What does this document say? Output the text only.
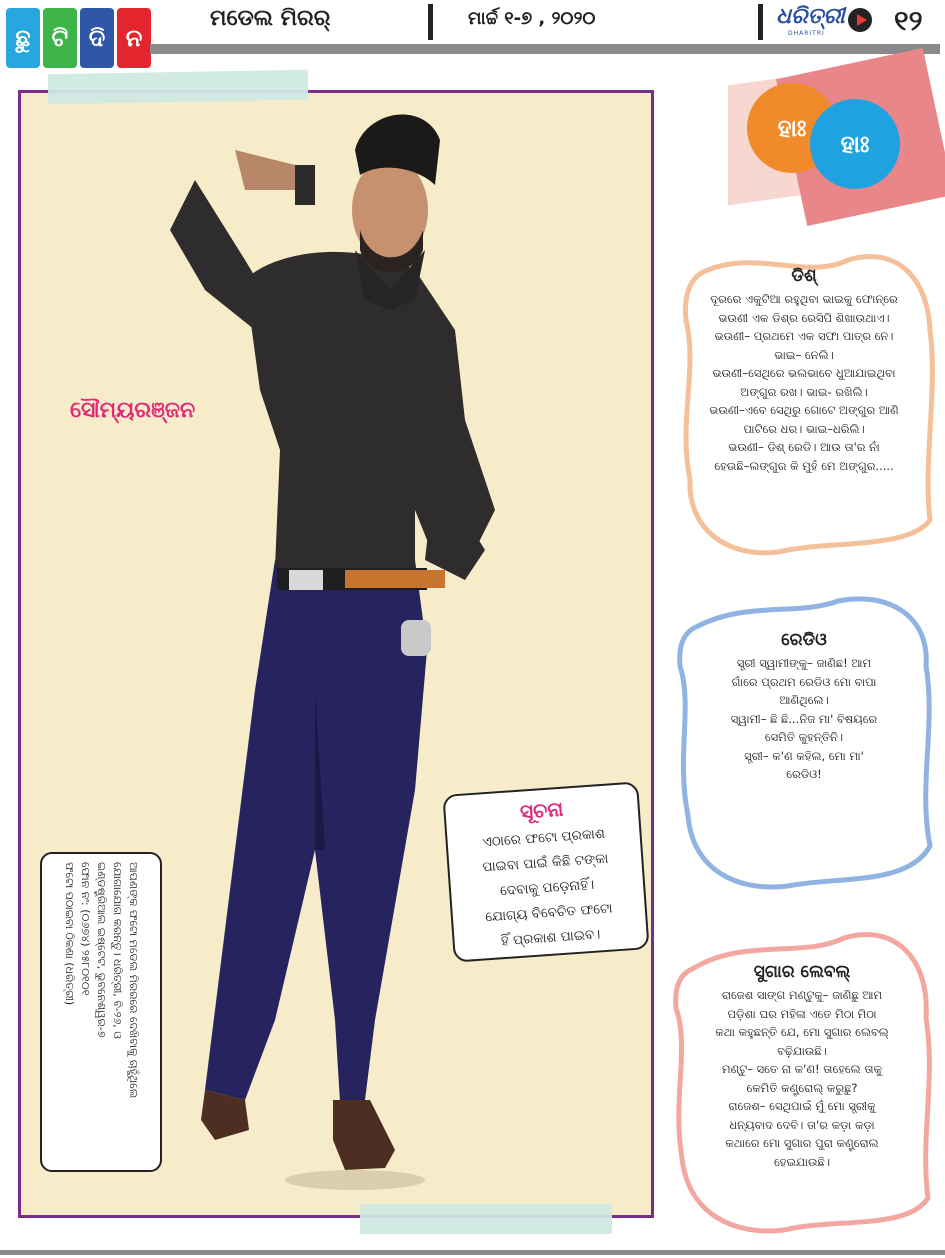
ଛୁ ଟି ଦି ନ
ମଡେଲ ମିରର୍	ମାର୍ଚ୍ଚ ୧-୭ , ୨୦୨୦	ଧରିତ୍ରୀ
DHARITRI ୧୨
ସୌମ୍ୟରଞ୍ଜନ
ସୂଚନା
ଏଠାରେ ଫଟୋ ପ୍ରକାଶ
ପାଇବା ପାଇଁ କିଛି ଟଙ୍କା
ଦେବାକୁ ପଡ଼େନାହିଁ।
ଯୋଗ୍ୟ ବିବେଚିତ ଫଟୋ
ହିଁ ପ୍ରକାଶ ପାଇବ।
ଆପଣଙ୍କ ଫଟୋ ମଡେଲ ମିରରରେ ଦେଖିବାକୁ ଚାହୁଁଥିଲେ
ଯୋଗାଯୋଗ କରନ୍ତୁ। ଧରିତ୍ରୀ, ବି-୨୬, ଓ
ଇଣ୍ଡଷ୍ଟ୍ରିଆଲ ଇଷ୍ଟେଟ, ଭୁବନେଶ୍ୱର-୭
ଫୋନ ନଂ: (୦୬୭୪) ୨୫୮୦୧୦୧
ଫଟୋ ପଠାଇବା ଠିକଣା (ଧରିତ୍ରୀ)
ହାଃ
ହାଃ
ଡିଶ୍
ଦୂରରେ ଏକୁଟିଆ ରହୁଥିବା ଭାଇକୁ ଫୋନ୍‌ରେ
ଭଉଣୀ ଏକ ଡିଶ୍‌ର ରେସିପି ଶିଖାଉଥାଏ।
ଭଉଣୀ– ପ୍ରଥମେ ଏକ ସଫା ପାତ୍ର ନେ।
ଭାଇ– ନେଲି।
ଭଉଣୀ–ସେଥିରେ ଭଲଭାବେ ଧୁଆଯାଇଥିବା
ଅଙ୍ଗୁର ରଖ। ଭାଇ- ରଖିଲି।
ଭଉଣୀ–ଏବେ ସେଥିରୁ ଗୋଟେ ଅଙ୍ଗୁର ଆଣି
ପାଟିରେ ଧର। ଭାଇ–ଧରିଲି।
ଭଉଣୀ– ଡିଶ୍ ରେଡି। ଆଉ ତା'ର ନାଁ
ହେଉଛି–ଲଙ୍ଗୁର କି ମୁହଁ ମେ ଅଙ୍ଗୁର.....
ରେଡିଓ
ସ୍ତ୍ରୀ ସ୍ୱାମୀଙ୍କୁ– ଜାଣିଛ! ଆମ
ଗାଁରେ ପ୍ରଥମ ରେଡିଓ ମୋ ବାପା
ଆଣିଥିଲେ।
ସ୍ୱାମୀ– ଛି ଛି...ନିଜ ମା' ବିଷୟରେ
ସେମିତି କୁହନ୍ତିନି।
ସ୍ତ୍ରୀ– କ'ଣ କହିଲ, ମୋ ମା'
ରେଡିଓ!
ସୁଗାର ଲେବଲ୍
ରାଜେଶ ସାଙ୍ଗ ମଣ୍ଟୁକୁ– ଜାଣିଛୁ ଆମ
ପଡ଼ିଶା ଘର ମହିଳା ଏତେ ମିଠା ମିଠା
କଥା କହୁଛନ୍ତି ଯେ, ମୋ ସୁଗାର ଲେବଲ୍
ବଢ଼ିଯାଉଛି।
ମଣ୍ଟୁ– ସତେ ନା କ'ଣ! ତାହେଲେ ତାକୁ
କେମିତି କଣ୍ଟ୍ରୋଲ୍ କରୁଛୁ?
ରାଜେଶ– ସେଥିପାଇଁ ମୁଁ ମୋ ସ୍ତ୍ରୀକୁ
ଧନ୍ୟବାଦ ଦେବି। ତା'ର କଡ଼ା କଡ଼ା
କଥାରେ ମୋ ସୁଗାର ପୁରା କଣ୍ଟ୍ରୋଲ
ହେଇଯାଉଛି।
